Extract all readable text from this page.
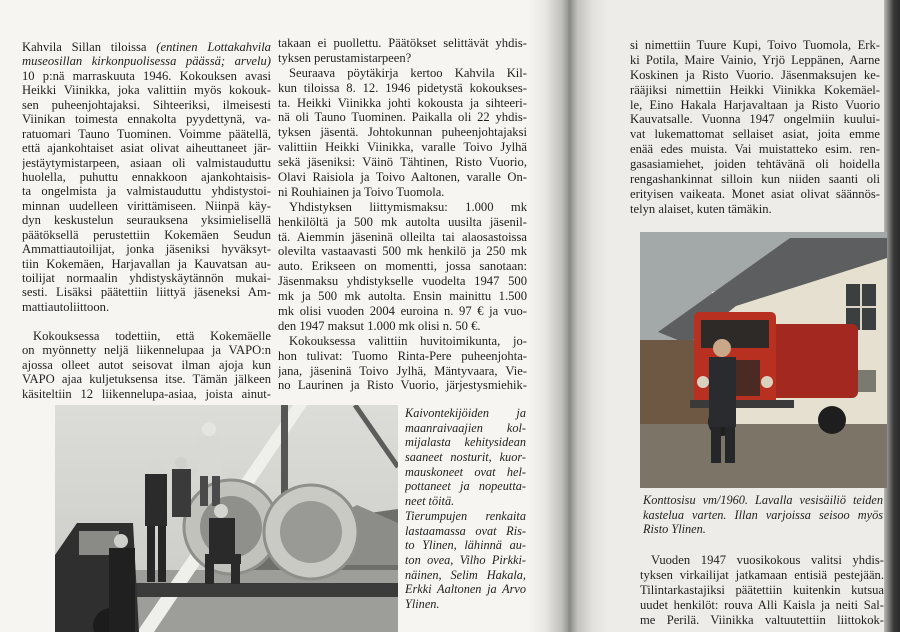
Kahvila Sillan tiloissa (entinen Lottakahvila
museosillan kirkonpuolisessa päässä; arvelu)
10 p:nä marraskuuta 1946. Kokouksen avasi
Heikki Viinikka, joka valittiin myös kokouk-
sen puheenjohtajaksi. Sihteeriksi, ilmeisesti
Viinikan toimesta ennakolta pyydettynä, va-
ratuomari Tauno Tuominen. Voimme päätellä,
että ajankohtaiset asiat olivat aiheuttaneet jär-
jestäytymistarpeen, asiaan oli valmistauduttu
huolella, puhuttu ennakkoon ajankohtaisis-
ta ongelmista ja valmistauduttu yhdistystoi-
minnan uudelleen virittämiseen. Niinpä käy-
dyn keskustelun seurauksena yksimielisellä
päätöksellä perustettiin Kokemäen Seudun
Ammattiautoilijat, jonka jäseniksi hyväksyt-
tiin Kokemäen, Harjavallan ja Kauvatsan au-
toilijat normaalin yhdistyskäytännön mukai-
sesti. Lisäksi päätettiin liittyä jäseneksi Am-
mattiautoliittoon.
Kokouksessa todettiin, että Kokemäelle
on myönnetty neljä liikennelupaa ja VAPO:n
ajossa olleet autot seisovat ilman ajoja kun
VAPO ajaa kuljetuksensa itse. Tämän jälkeen
käsiteltiin 12 liikennelupa-asiaa, joista ainut-
takaan ei puollettu. Päätökset selittävät yhdis-
tyksen perustamistarpeen?
Seuraava pöytäkirja kertoo Kahvila Kil-
kun tiloissa 8. 12. 1946 pidetystä kokoukses-
ta. Heikki Viinikka johti kokousta ja sihteeri-
nä oli Tauno Tuominen. Paikalla oli 22 yhdis-
tyksen jäsentä. Johtokunnan puheenjohtajaksi
valittiin Heikki Viinikka, varalle Toivo Jylhä
sekä jäseniksi: Väinö Tähtinen, Risto Vuorio,
Olavi Raisiola ja Toivo Aaltonen, varalle On-
ni Rouhiainen ja Toivo Tuomola.
Yhdistyksen liittymismaksu: 1.000 mk
henkilöltä ja 500 mk autolta uusilta jäsenil-
tä. Aiemmin jäseninä olleilta tai alaosastoissa
olevilta vastaavasti 500 mk henkilö ja 250 mk
auto. Erikseen on momentti, jossa sanotaan:
Jäsenmaksu yhdistykselle vuodelta 1947 500
mk ja 500 mk autolta. Ensin mainittu 1.500
mk olisi vuoden 2004 euroina n. 97 € ja vuo-
den 1947 maksut 1.000 mk olisi n. 50 €.
Kokouksessa valittiin huvitoimikunta, jo-
hon tulivat: Tuomo Rinta-Pere puheenjohta-
jana, jäseninä Toivo Jylhä, Mäntyvaara, Vie-
no Laurinen ja Risto Vuorio, järjestysmiehik-
Kaivontekijöiden ja
maanraivaajien kol-
mijalasta kehitysidean
saaneet nosturit, kuor-
mauskoneet ovat hel-
pottaneet ja nopeutta-
neet töitä.
Tierumpujen renkaita
lastaamassa ovat Ris-
to Ylinen, lähinnä au-
ton ovea, Vilho Pirkki-
näinen, Selim Hakala,
Erkki Aaltonen ja Arvo
Ylinen.
si nimettiin Tuure Kupi, Toivo Tuomola, Erk-
ki Potila, Maire Vainio, Yrjö Leppänen, Aarne
Koskinen ja Risto Vuorio. Jäsenmaksujen ke-
rääjiksi nimettiin Heikki Viinikka Kokemäel-
le, Eino Hakala Harjavaltaan ja Risto Vuorio
Kauvatsalle. Vuonna 1947 ongelmiin kuului-
vat lukemattomat sellaiset asiat, joita emme
enää edes muista. Vai muistatteko esim. ren-
gasasiamiehet, joiden tehtävänä oli hoidella
rengashankinnat silloin kun niiden saanti oli
erityisen vaikeata. Monet asiat olivat säännös-
telyn alaiset, kuten tämäkin.
Konttosisu vm/1960. Lavalla vesisäiliö teiden
kastelua varten. Illan varjoissa seisoo myös
Risto Ylinen.
Vuoden 1947 vuosikokous valitsi yhdis-
tyksen virkailijat jatkamaan entisiä pestejään.
Tilintarkastajiksi päätettiin kuitenkin kutsua
uudet henkilöt: rouva Alli Kaisla ja neiti Sal-
me Perilä. Viinikka valtuutettiin liittokok-
